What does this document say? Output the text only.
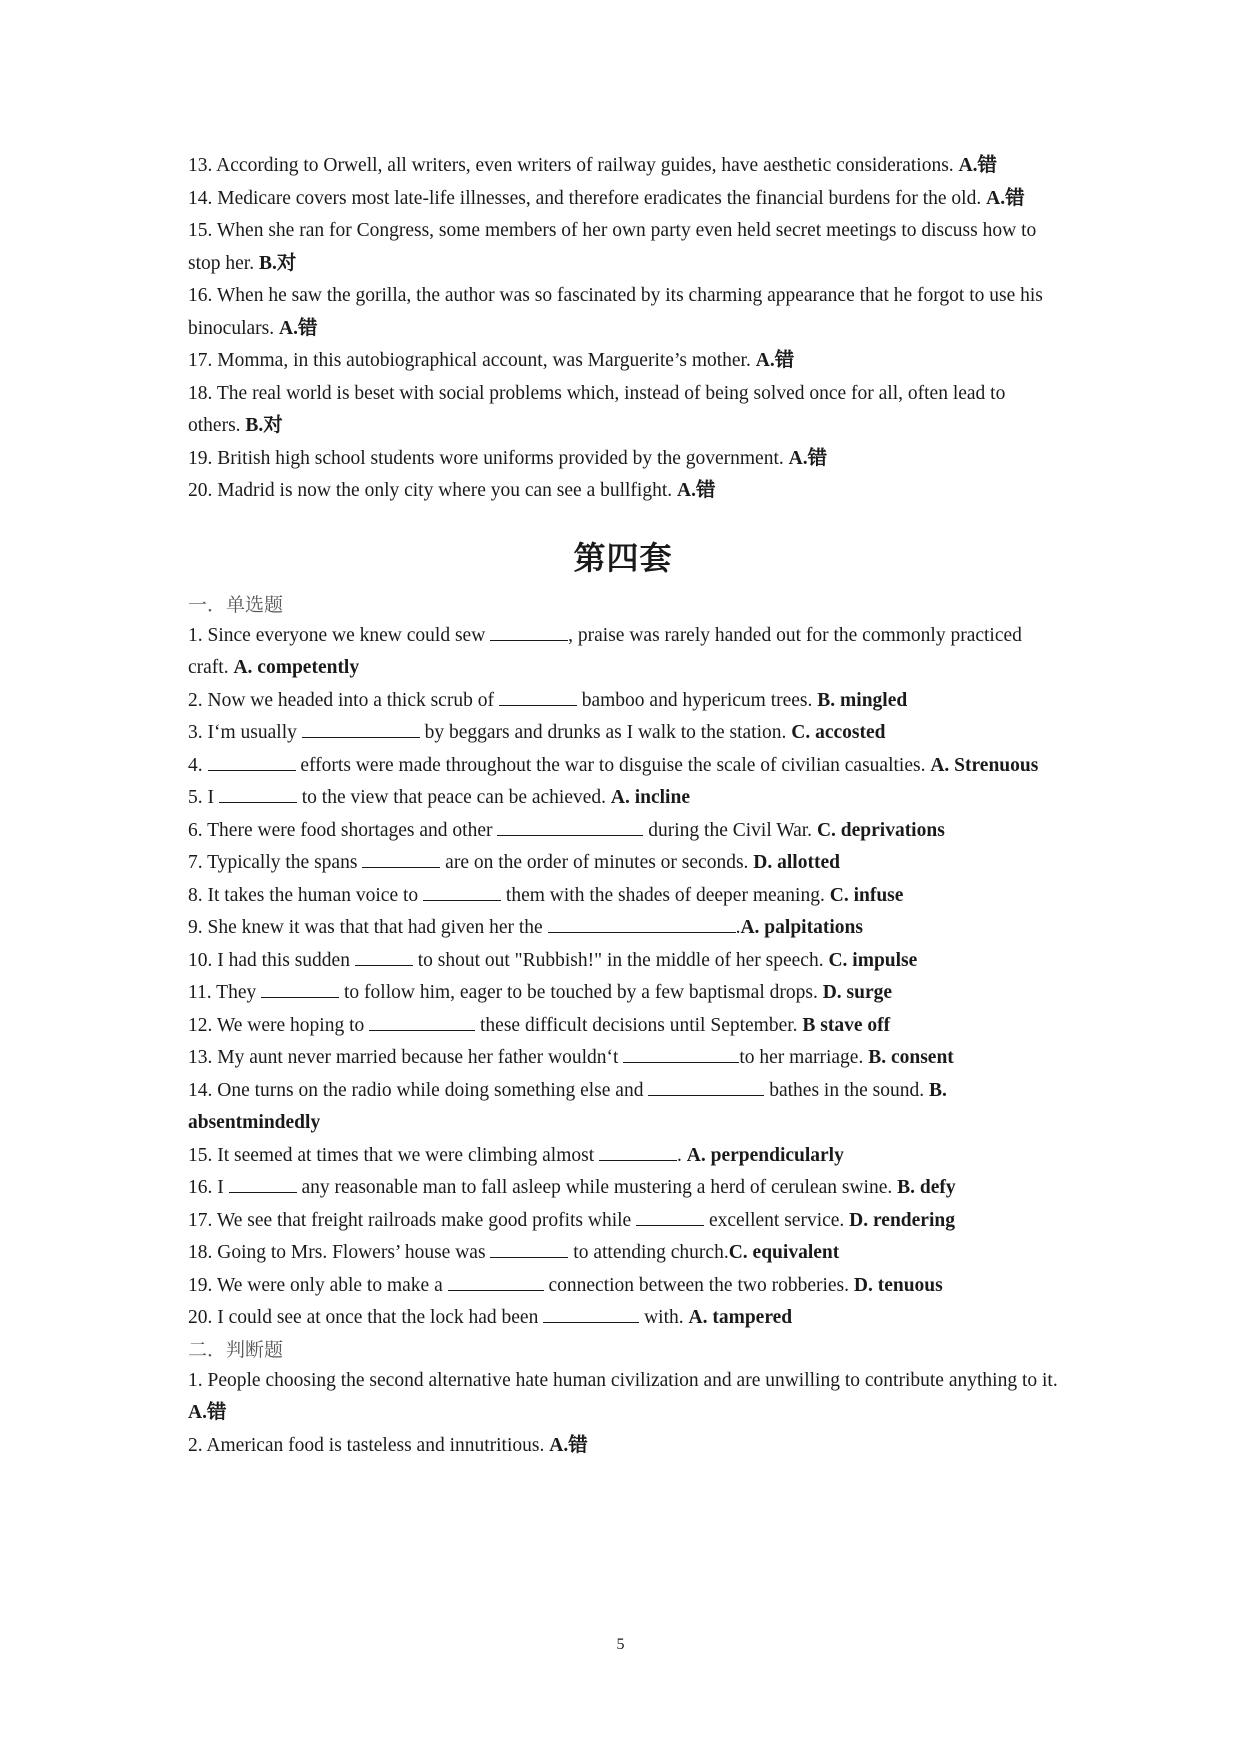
13. According to Orwell, all writers, even writers of railway guides, have aesthetic considerations. A.错

14. Medicare covers most late-life illnesses, and therefore eradicates the financial burdens for the old. A.错

15. When she ran for Congress, some members of her own party even held secret meetings to discuss how to stop her. B.对

16. When he saw the gorilla, the author was so fascinated by its charming appearance that he forgot to use his binoculars. A.错

17. Momma, in this autobiographical account, was Marguerite’s mother. A.错

18. The real world is beset with social problems which, instead of being solved once for all, often lead to others. B.对

19. British high school students wore uniforms provided by the government. A.错

20. Madrid is now the only city where you can see a bullfight. A.错

第四套
一．单选题

1. Since everyone we knew could sew	, praise was rarely handed out for the commonly practiced craft. A. competently

2. Now we headed into a thick scrub of	bamboo and hypericum trees. B. mingled

3. I‘m usually	by beggars and drunks as I walk to the station. C. accosted

4.	efforts were made throughout the war to disguise the scale of civilian casualties. A. Strenuous

5. I	to the view that peace can be achieved. A. incline

6. There were food shortages and other	during the Civil War. C. deprivations

7. Typically the spans	are on the order of minutes or seconds. D. allotted

8. It takes the human voice to	them with the shades of deeper meaning. C. infuse

9. She knew it was that that had given her the	.A. palpitations

10. I had this sudden	to shout out "Rubbish!" in the middle of her speech. C. impulse

11. They	to follow him, eager to be touched by a few baptismal drops. D. surge

12. We were hoping to	these difficult decisions until September. B stave off

13. My aunt never married because her father wouldn‘t	to her marriage. B. consent

14. One turns on the radio while doing something else and	bathes in the sound. B. absentmindedly

15. It seemed at times that we were climbing almost	. A. perpendicularly

16. I	any reasonable man to fall asleep while mustering a herd of cerulean swine. B. defy

17. We see that freight railroads make good profits while	excellent service. D. rendering

18. Going to Mrs. Flowers’ house was	to attending church.C. equivalent

19. We were only able to make a	connection between the two robberies. D. tenuous

20. I could see at once that the lock had been	with. A. tampered

二．判断题

1. People choosing the second alternative hate human civilization and are unwilling to contribute anything to it. A.错

2. American food is tasteless and innutritious. A.错

5
